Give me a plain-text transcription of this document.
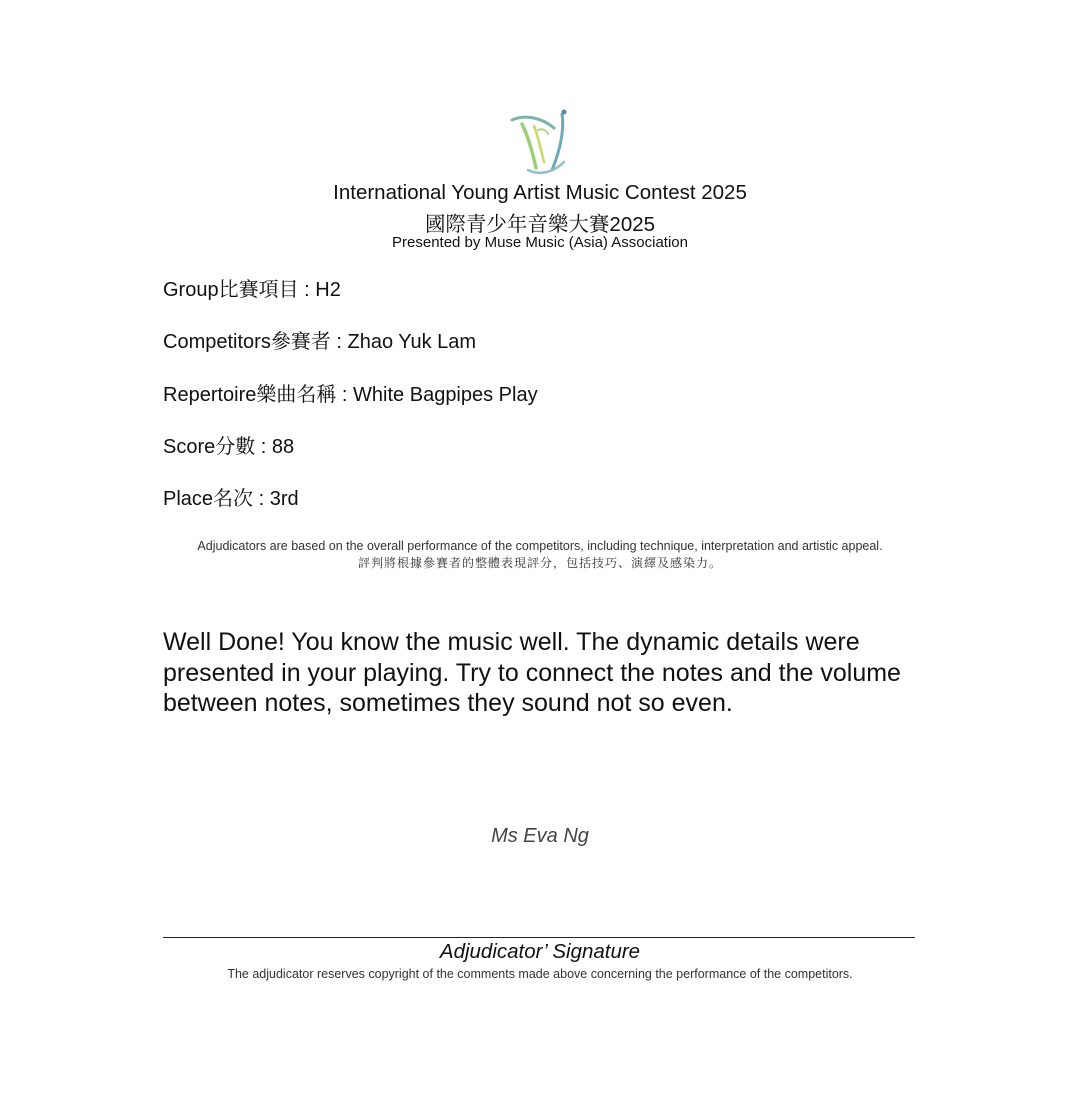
International Young Artist Music Contest 2025
國際青少年音樂大賽2025
Presented by Muse Music (Asia) Association
Group比賽項目 : H2
Competitors參賽者 : Zhao Yuk Lam
Repertoire樂曲名稱 : White Bagpipes Play
Score分數 : 88
Place名次 : 3rd
Adjudicators are based on the overall performance of the competitors, including technique, interpretation and artistic appeal.
評判將根據參賽者的整體表現評分，包括技巧、演繹及感染力。
Well Done! You know the music well. The dynamic details were presented in your playing. Try to connect the notes and the volume between notes, sometimes they sound not so even.
Ms Eva Ng
Adjudicator’ Signature
The adjudicator reserves copyright of the comments made above concerning the performance of the competitors.
